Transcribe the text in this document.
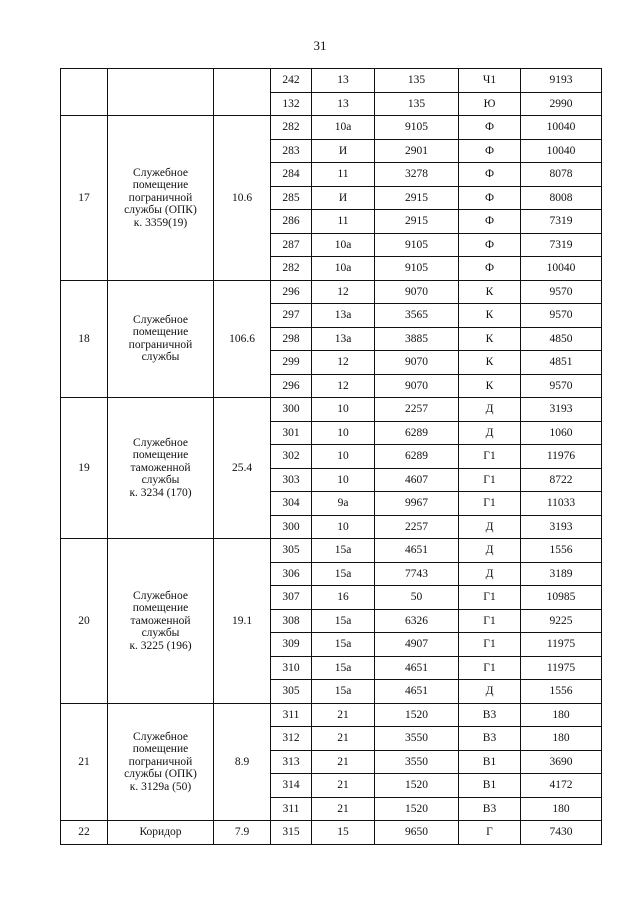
31
			242	13	135	Ч1	9193
			132	13	135	Ю	2990
17	Служебное
помещение
пограничной
службы (ОПК)
к. 3359(19)	10.6	282	10а	9105	Ф	10040
			283	И	2901	Ф	10040
			284	11	3278	Ф	8078
			285	И	2915	Ф	8008
			286	11	2915	Ф	7319
			287	10а	9105	Ф	7319
			282	10а	9105	Ф	10040
18	Служебное
помещение
пограничной
службы	106.6	296	12	9070	К	9570
			297	13а	3565	К	9570
			298	13а	3885	К	4850
			299	12	9070	К	4851
			296	12	9070	К	9570
19	Служебное
помещение
таможенной
службы
к. 3234 (170)	25.4	300	10	2257	Д	3193
			301	10	6289	Д	1060
			302	10	6289	Г1	11976
			303	10	4607	Г1	8722
			304	9а	9967	Г1	11033
			300	10	2257	Д	3193
20	Служебное
помещение
таможенной
службы
к. 3225 (196)	19.1	305	15а	4651	Д	1556
			306	15а	7743	Д	3189
			307	16	50	Г1	10985
			308	15а	6326	Г1	9225
			309	15а	4907	Г1	11975
			310	15а	4651	Г1	11975
			305	15а	4651	Д	1556
21	Служебное
помещение
пограничной
службы (ОПК)
к. 3129а (50)	8.9	311	21	1520	В3	180
			312	21	3550	В3	180
			313	21	3550	В1	3690
			314	21	1520	В1	4172
			311	21	1520	В3	180
22	Коридор	7.9	315	15	9650	Г	7430
